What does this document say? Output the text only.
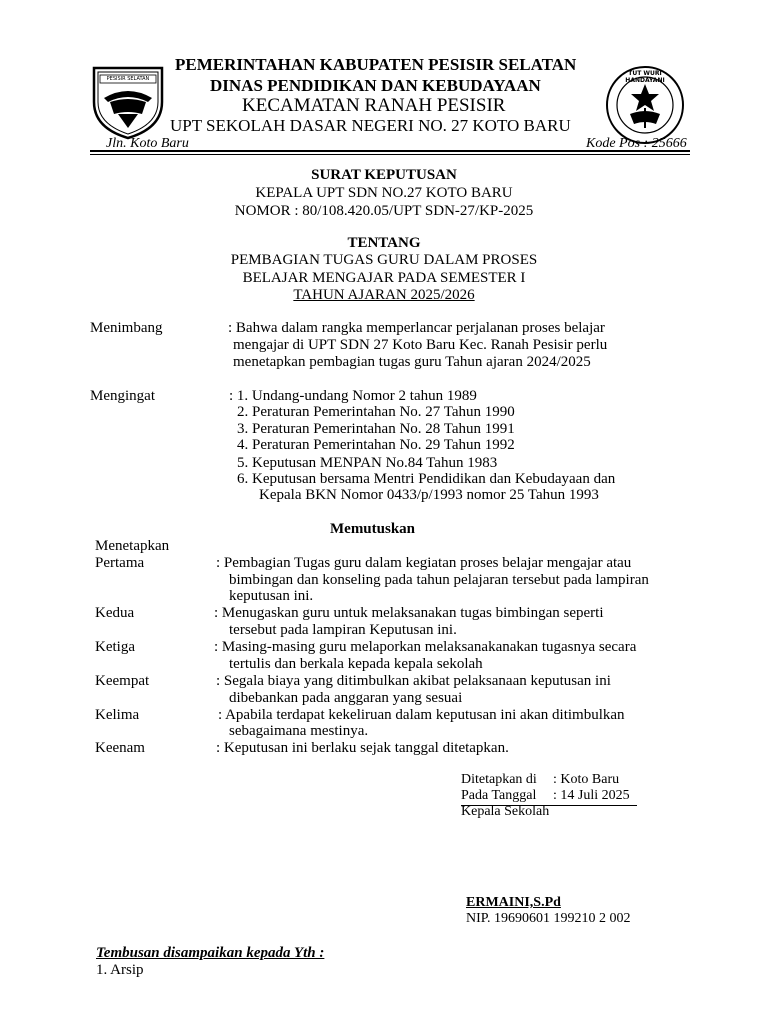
PESISIR SELATAN
TUT WURI HANDAYANI
PEMERINTAHAN KABUPATEN PESISIR SELATAN
DINAS PENDIDIKAN DAN KEBUDAYAAN
KECAMATAN RANAH PESISIR
UPT SEKOLAH DASAR NEGERI NO. 27 KOTO BARU
Jln. Koto Baru	Kode Pos : 25666
SURAT KEPUTUSAN
KEPALA UPT SDN NO.27 KOTO BARU
NOMOR : 80/108.420.05/UPT SDN-27/KP-2025
TENTANG
PEMBAGIAN TUGAS GURU DALAM PROSES
BELAJAR MENGAJAR PADA SEMESTER I
TAHUN AJARAN 2025/2026
Menimbang	: Bahwa dalam rangka memperlancar perjalanan proses belajar
mengajar di UPT SDN 27 Koto Baru Kec. Ranah Pesisir perlu
menetapkan pembagian tugas guru Tahun ajaran 2024/2025
Mengingat	: 1. Undang-undang Nomor 2 tahun 1989
2. Peraturan Pemerintahan No. 27 Tahun 1990
3. Peraturan Pemerintahan No. 28 Tahun 1991
4. Peraturan Pemerintahan No. 29 Tahun 1992
5. Keputusan MENPAN No.84 Tahun 1983
6. Keputusan bersama Mentri Pendidikan dan Kebudayaan dan
Kepala BKN Nomor 0433/p/1993 nomor 25 Tahun 1993
Memutuskan
Menetapkan
Pertama	: Pembagian Tugas guru dalam kegiatan proses belajar mengajar atau
bimbingan dan konseling pada tahun pelajaran tersebut pada lampiran
keputusan ini.
Kedua	: Menugaskan guru untuk melaksanakan tugas bimbingan seperti
tersebut pada lampiran Keputusan ini.
Ketiga	: Masing-masing guru melaporkan melaksanakanakan tugasnya secara
tertulis dan berkala kepada kepala sekolah
Keempat	: Segala biaya yang ditimbulkan akibat pelaksanaan keputusan ini
dibebankan pada anggaran yang sesuai
Kelima	: Apabila terdapat kekeliruan dalam keputusan ini akan ditimbulkan
sebagaimana mestinya.
Keenam	: Keputusan ini berlaku sejak tanggal ditetapkan.
Ditetapkan di : Koto Baru
Pada Tanggal : 14 Juli 2025
Kepala Sekolah
ERMAINI,S.Pd
NIP. 19690601 199210 2 002
Tembusan disampaikan kepada Yth :
1. Arsip
